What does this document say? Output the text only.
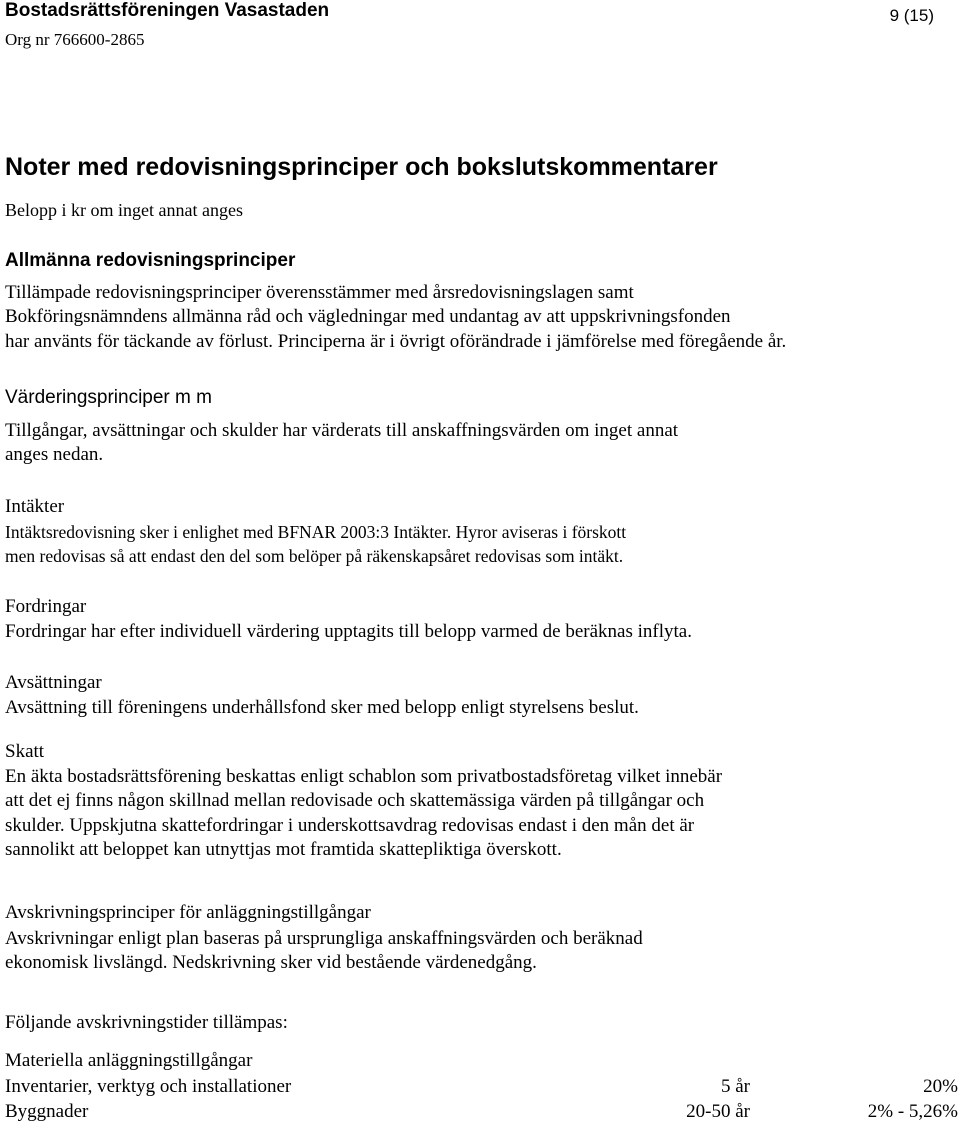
Bostadsrättsföreningen Vasastaden	9 (15)
Org nr 766600-2865
Noter med redovisningsprinciper och bokslutskommentarer
Belopp i kr om inget annat anges
Allmänna redovisningsprinciper
Tillämpade redovisningsprinciper överensstämmer med årsredovisningslagen samt
Bokföringsnämndens allmänna råd och vägledningar med undantag av att uppskrivningsfonden
har använts för täckande av förlust. Principerna är i övrigt oförändrade i jämförelse med föregående år.
Värderingsprinciper m m
Tillgångar, avsättningar och skulder har värderats till anskaffningsvärden om inget annat
anges nedan.
Intäkter
Intäktsredovisning sker i enlighet med BFNAR 2003:3 Intäkter. Hyror aviseras i förskott
men redovisas så att endast den del som belöper på räkenskapsåret redovisas som intäkt.
Fordringar
Fordringar har efter individuell värdering upptagits till belopp varmed de beräknas inflyta.
Avsättningar
Avsättning till föreningens underhållsfond sker med belopp enligt styrelsens beslut.
Skatt
En äkta bostadsrättsförening beskattas enligt schablon som privatbostadsföretag vilket innebär
att det ej finns någon skillnad mellan redovisade och skattemässiga värden på tillgångar och
skulder. Uppskjutna skattefordringar i underskottsavdrag redovisas endast i den mån det är
sannolikt att beloppet kan utnyttjas mot framtida skattepliktiga överskott.
Avskrivningsprinciper för anläggningstillgångar
Avskrivningar enligt plan baseras på ursprungliga anskaffningsvärden och beräknad
ekonomisk livslängd. Nedskrivning sker vid bestående värdenedgång.
Följande avskrivningstider tillämpas:
Materiella anläggningstillgångar
Inventarier, verktyg och installationer	5 år	20%
Byggnader	20-50 år	2% - 5,26%
